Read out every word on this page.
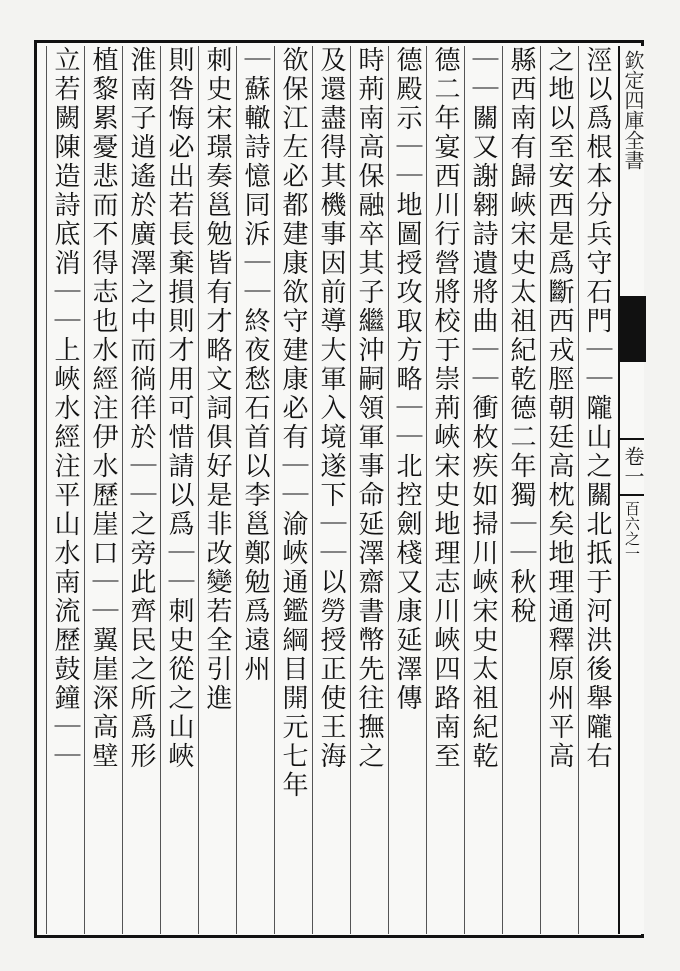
涇以爲根本分兵守石門｜｜隴山之關北抵于河洪後舉隴右
之地以至安西是爲斷西戎脛朝廷高枕矣地理通釋原州平高
縣西南有歸峽宋史太祖紀乾德二年獨｜｜秋稅
｜｜關又謝翱詩遺將曲｜｜衝枚疾如掃川峽宋史太祖紀乾
德二年宴西川行營將校于崇荊峽宋史地理志川峽四路南至
德殿示｜｜地圖授攻取方略｜｜北控劍棧又康延澤傳
時荊南高保融卒其子繼沖嗣領軍事命延澤齋書幣先往撫之
及還盡得其機事因前導大軍入境遂下｜｜以勞授正使王海
欲保江左必都建康欲守建康必有｜｜渝峽通鑑綱目開元七年
｜蘇轍詩憶同泝｜｜終夜愁石首以李邕鄭勉爲遠州
刺史宋璟奏邕勉皆有才略文詞俱好是非改變若全引進
則咎悔必出若長棄損則才用可惜請以爲｜｜刺史從之山峽
淮南子逍遙於廣澤之中而徜徉於｜｜之旁此齊民之所爲形
植黎累憂悲而不得志也水經注伊水歷崖口｜｜翼崖深高壁
立若闕陳造詩底消｜｜上峽水經注平山水南流歷鼓鐘｜｜	欽定四庫全書
卷一
百六之一
